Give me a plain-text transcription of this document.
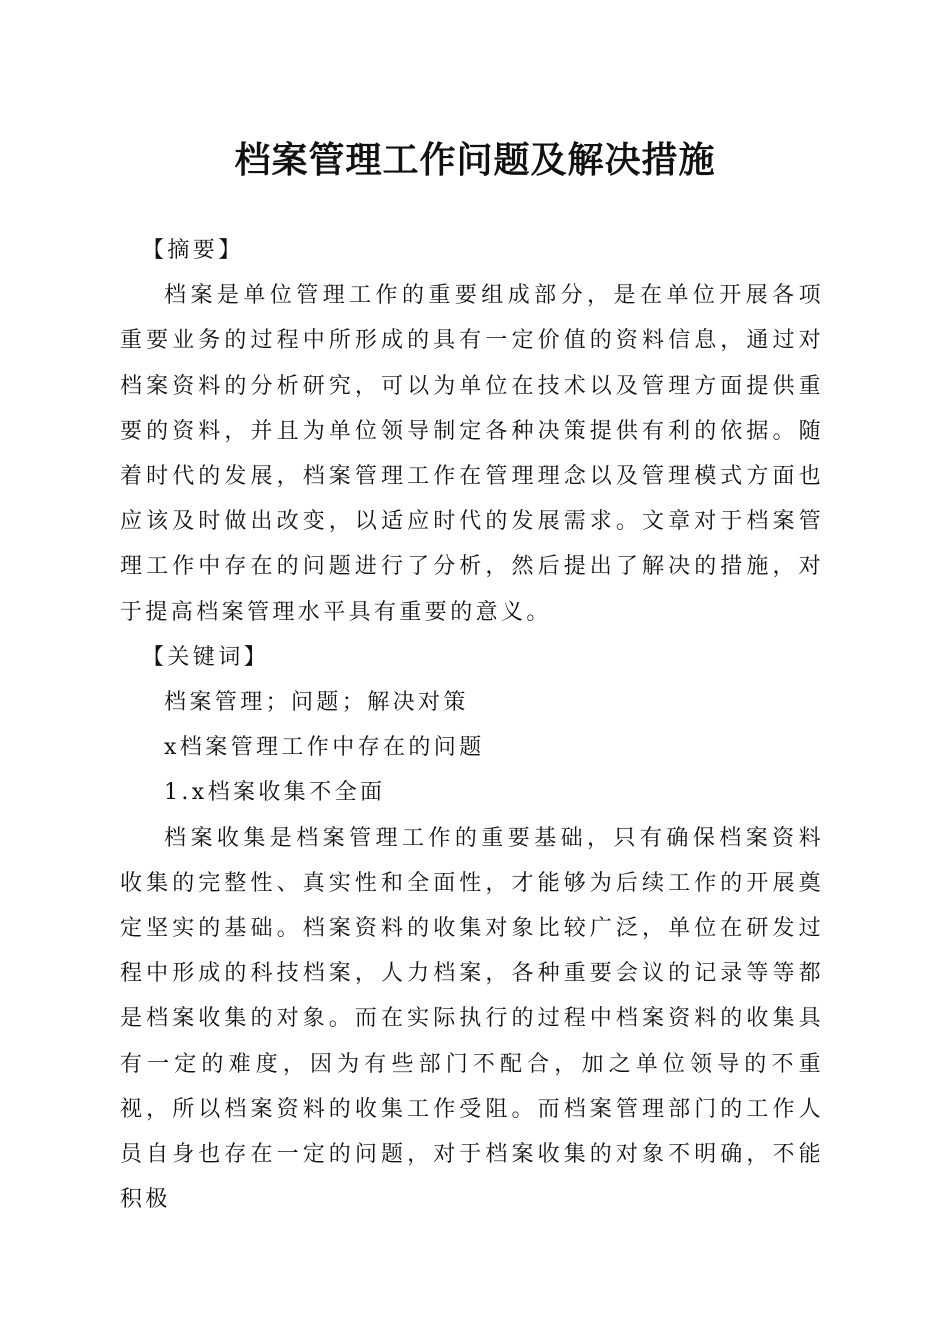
档案管理工作问题及解决措施

【摘要】

档案是单位管理工作的重要组成部分，是在单位开展各项重要业务的过程中所形成的具有一定价值的资料信息，通过对档案资料的分析研究，可以为单位在技术以及管理方面提供重要的资料，并且为单位领导制定各种决策提供有利的依据。随着时代的发展，档案管理工作在管理理念以及管理模式方面也应该及时做出改变，以适应时代的发展需求。文章对于档案管理工作中存在的问题进行了分析，然后提出了解决的措施，对于提高档案管理水平具有重要的意义。

【关键词】

档案管理；问题；解决对策

x档案管理工作中存在的问题

1.x档案收集不全面

档案收集是档案管理工作的重要基础，只有确保档案资料收集的完整性、真实性和全面性，才能够为后续工作的开展奠定坚实的基础。档案资料的收集对象比较广泛，单位在研发过程中形成的科技档案，人力档案，各种重要会议的记录等等都是档案收集的对象。而在实际执行的过程中档案资料的收集具有一定的难度，因为有些部门不配合，加之单位领导的不重视，所以档案资料的收集工作受阻。而档案管理部门的工作人员自身也存在一定的问题，对于档案收集的对象不明确，不能积极
